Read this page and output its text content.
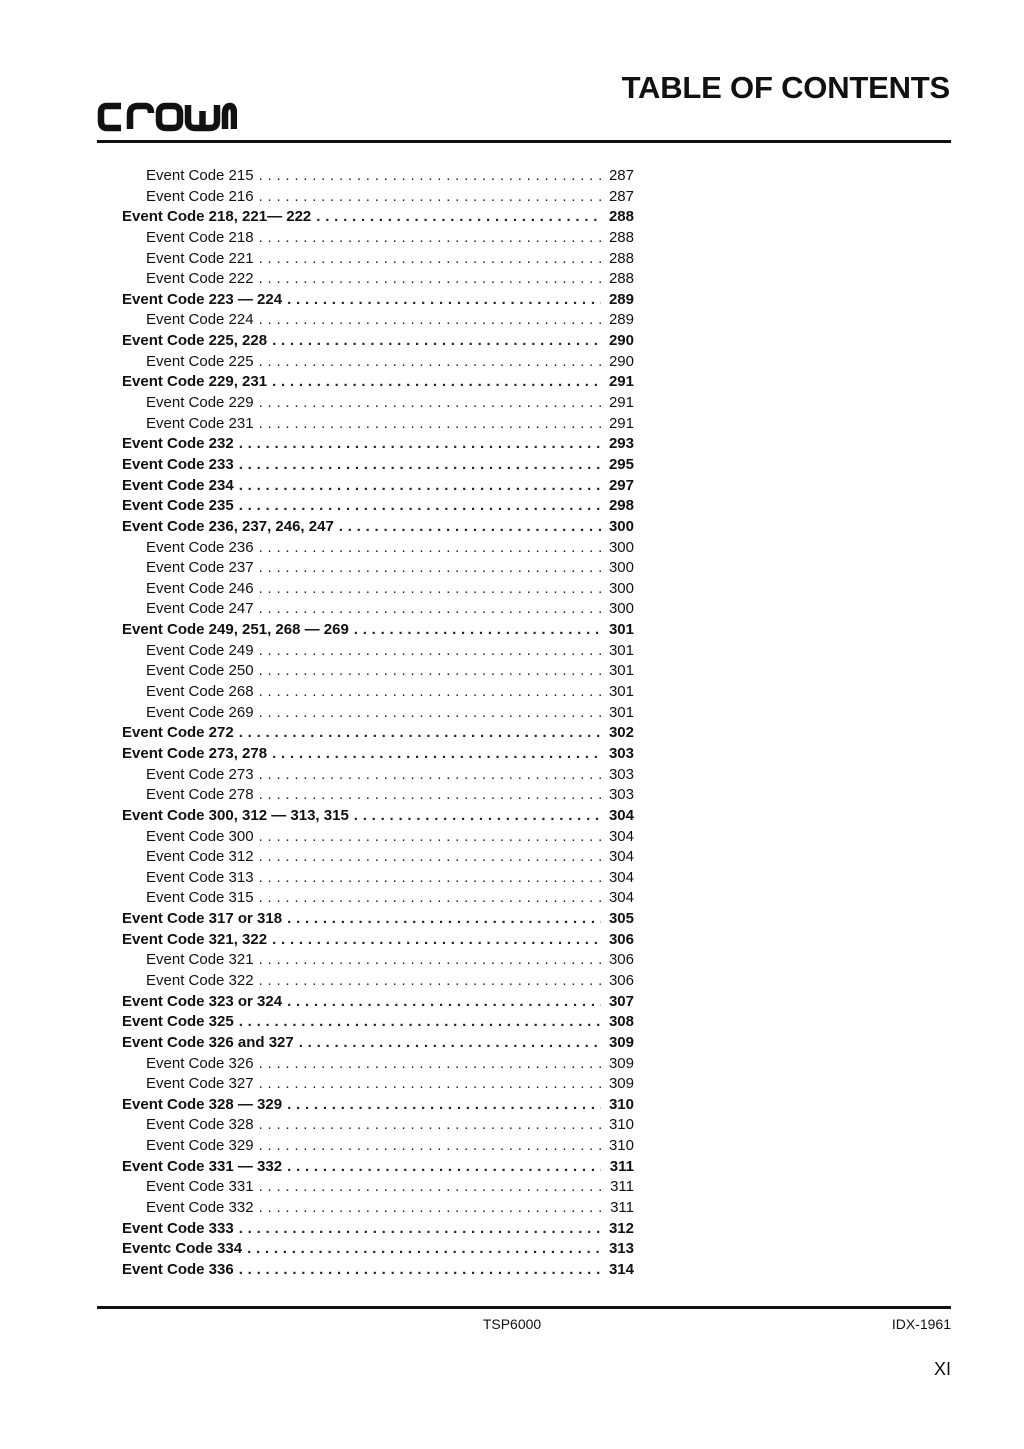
TABLE OF CONTENTS
Event Code 215 . . .	287
Event Code 216 . . .	287
Event Code 218, 221— 222 . . .	288
Event Code 218 . . .	288
Event Code 221 . . .	288
Event Code 222 . . .	288
Event Code 223 — 224 . . .	289
Event Code 224 . . .	289
Event Code 225, 228 . . .	290
Event Code 225 . . .	290
Event Code 229, 231 . . .	291
Event Code 229 . . .	291
Event Code 231 . . .	291
Event Code 232 . . .	293
Event Code 233 . . .	295
Event Code 234 . . .	297
Event Code 235 . . .	298
Event Code 236, 237, 246, 247 . . .	300
Event Code 236 . . .	300
Event Code 237 . . .	300
Event Code 246 . . .	300
Event Code 247 . . .	300
Event Code 249, 251, 268 — 269 . . .	301
Event Code 249 . . .	301
Event Code 250 . . .	301
Event Code 268 . . .	301
Event Code 269 . . .	301
Event Code 272 . . .	302
Event Code 273, 278 . . .	303
Event Code 273 . . .	303
Event Code 278 . . .	303
Event Code 300, 312 — 313, 315 . . .	304
Event Code 300 . . .	304
Event Code 312 . . .	304
Event Code 313 . . .	304
Event Code 315 . . .	304
Event Code 317 or 318 . . .	305
Event Code 321, 322 . . .	306
Event Code 321 . . .	306
Event Code 322 . . .	306
Event Code 323 or 324 . . .	307
Event Code 325 . . .	308
Event Code 326 and 327 . . .	309
Event Code 326 . . .	309
Event Code 327 . . .	309
Event Code 328 — 329 . . .	310
Event Code 328 . . .	310
Event Code 329 . . .	310
Event Code 331 — 332 . . .	311
Event Code 331 . . .	311
Event Code 332 . . .	311
Event Code 333 . . .	312
Eventc Code 334 . . .	313
Event Code 336 . . .	314
TSP6000	IDX-1961
XI
